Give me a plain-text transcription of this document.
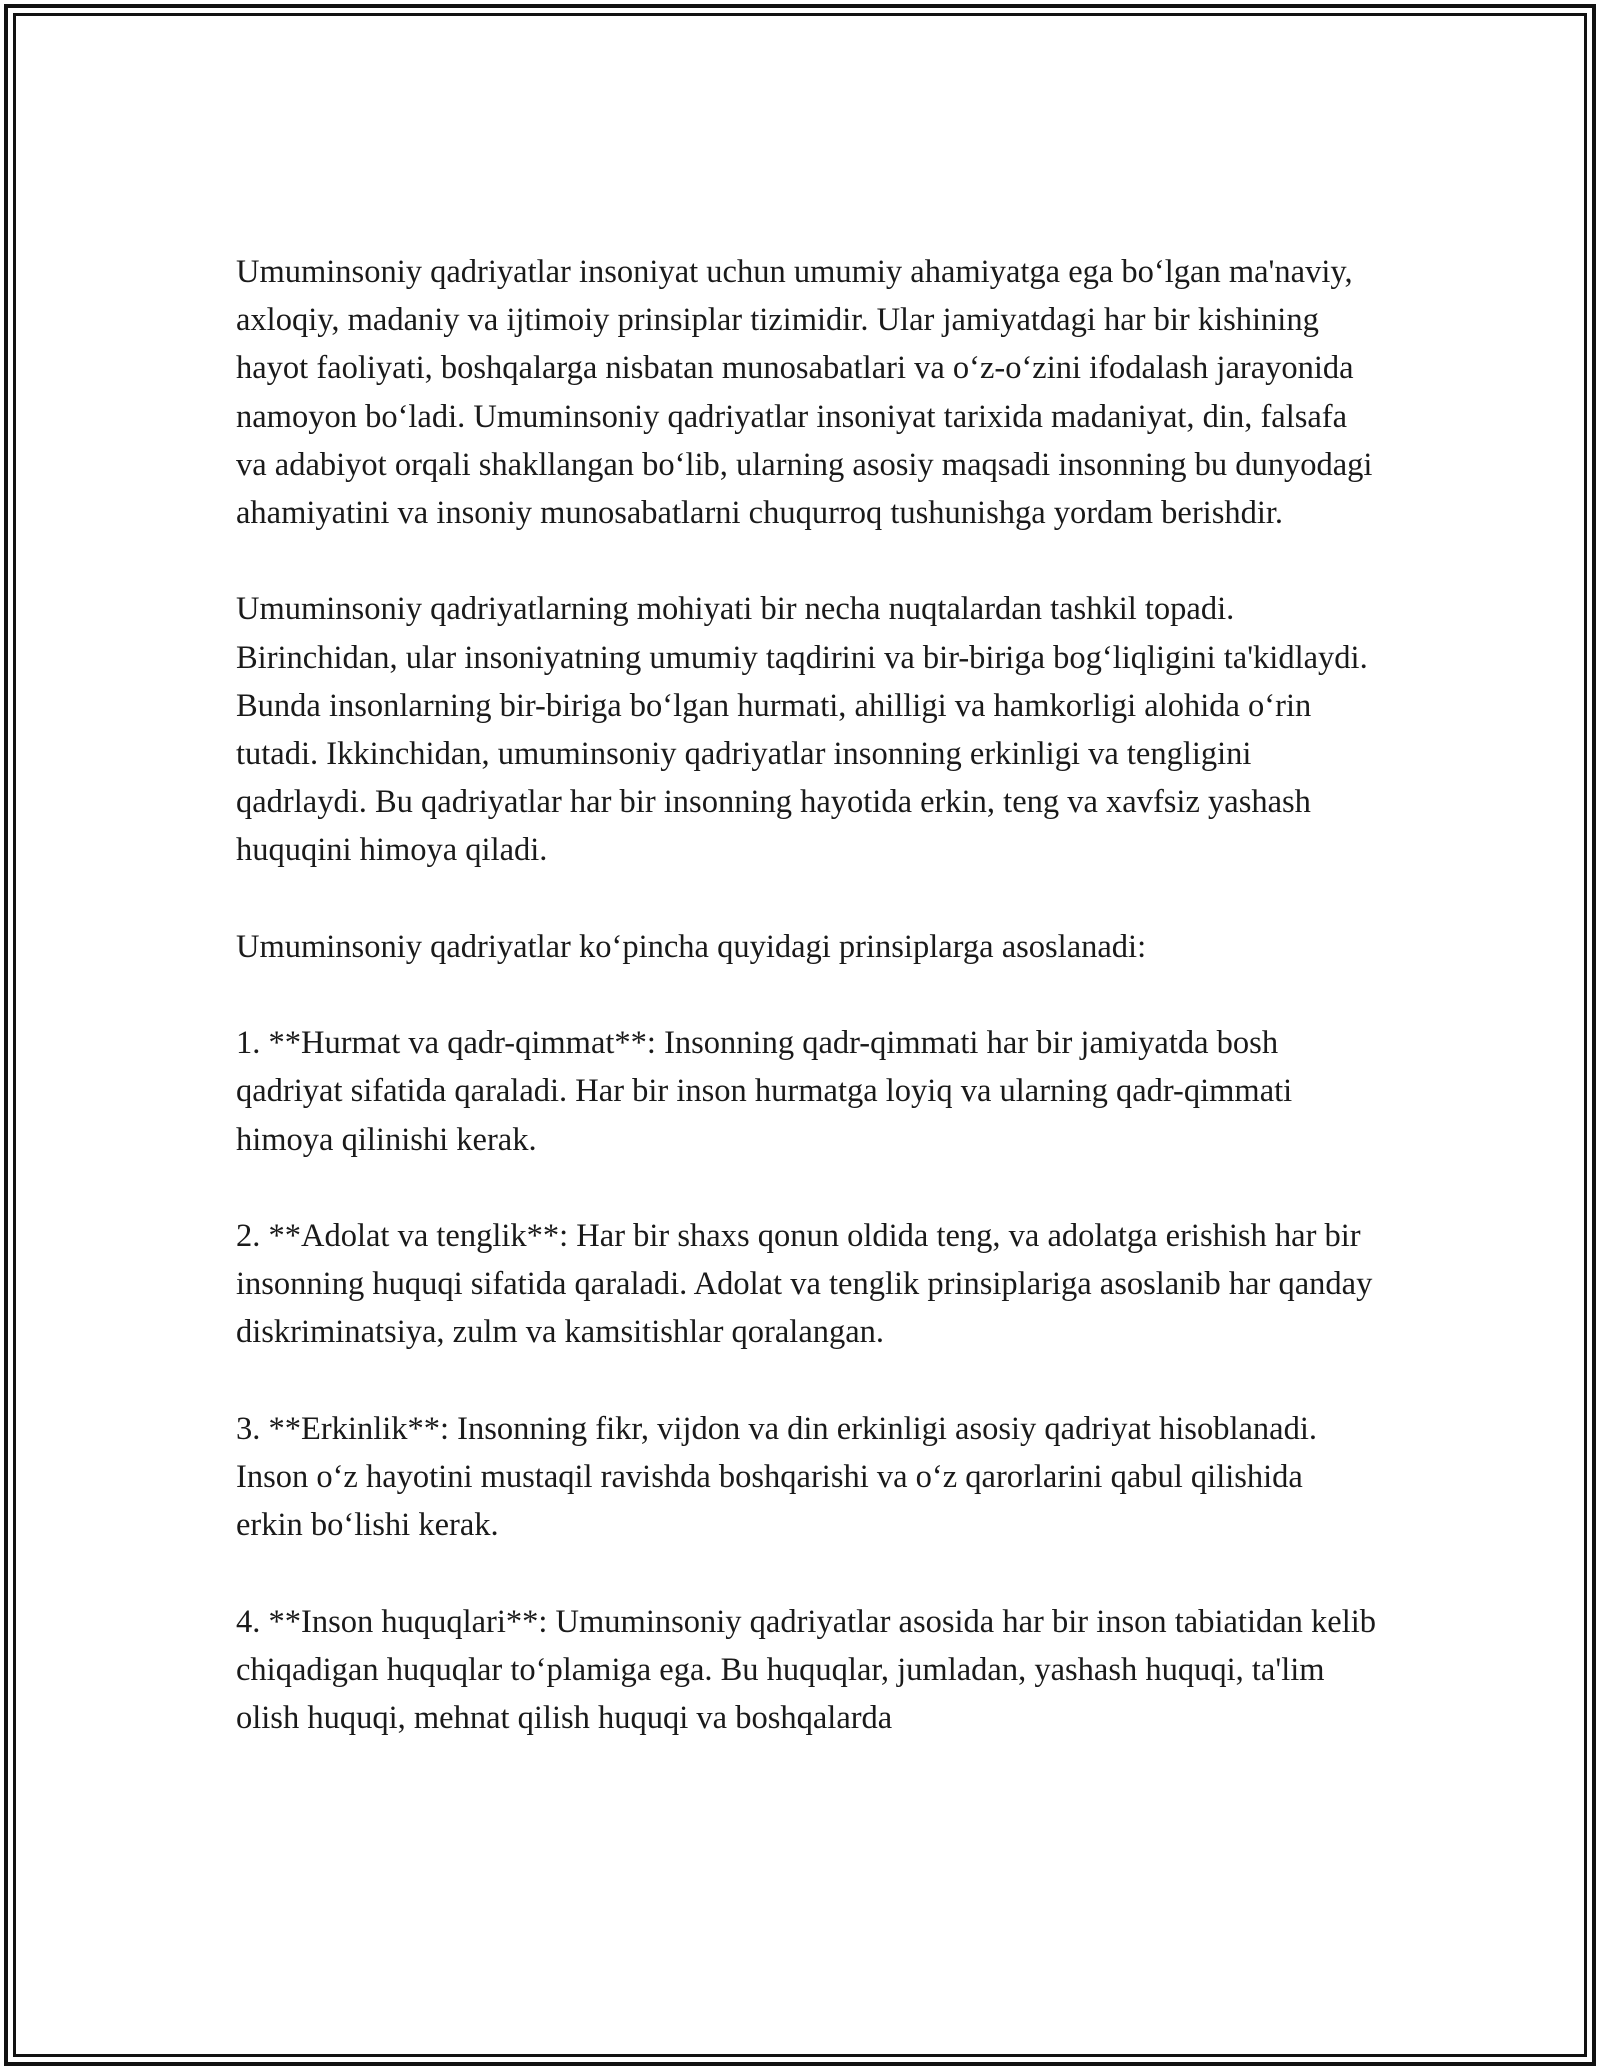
Umuminsoniy qadriyatlar insoniyat uchun umumiy ahamiyatga ega bo‘lgan ma'naviy, axloqiy, madaniy va ijtimoiy prinsiplar tizimidir. Ular jamiyatdagi har bir kishining hayot faoliyati, boshqalarga nisbatan munosabatlari va o‘z-o‘zini ifodalash jarayonida namoyon bo‘ladi. Umuminsoniy qadriyatlar insoniyat tarixida madaniyat, din, falsafa va adabiyot orqali shakllangan bo‘lib, ularning asosiy maqsadi insonning bu dunyodagi ahamiyatini va insoniy munosabatlarni chuqurroq tushunishga yordam berishdir.

Umuminsoniy qadriyatlarning mohiyati bir necha nuqtalardan tashkil topadi. Birinchidan, ular insoniyatning umumiy taqdirini va bir-biriga bog‘liqligini ta'kidlaydi. Bunda insonlarning bir-biriga bo‘lgan hurmati, ahilligi va hamkorligi alohida o‘rin tutadi. Ikkinchidan, umuminsoniy qadriyatlar insonning erkinligi va tengligini qadrlaydi. Bu qadriyatlar har bir insonning hayotida erkin, teng va xavfsiz yashash huquqini himoya qiladi.

Umuminsoniy qadriyatlar ko‘pincha quyidagi prinsiplarga asoslanadi:

1. **Hurmat va qadr-qimmat**: Insonning qadr-qimmati har bir jamiyatda bosh qadriyat sifatida qaraladi. Har bir inson hurmatga loyiq va ularning qadr-qimmati himoya qilinishi kerak.

2. **Adolat va tenglik**: Har bir shaxs qonun oldida teng, va adolatga erishish har bir insonning huquqi sifatida qaraladi. Adolat va tenglik prinsiplariga asoslanib har qanday diskriminatsiya, zulm va kamsitishlar qoralangan.

3. **Erkinlik**: Insonning fikr, vijdon va din erkinligi asosiy qadriyat hisoblanadi. Inson o‘z hayotini mustaqil ravishda boshqarishi va o‘z qarorlarini qabul qilishida erkin bo‘lishi kerak.

4. **Inson huquqlari**: Umuminsoniy qadriyatlar asosida har bir inson tabiatidan kelib chiqadigan huquqlar to‘plamiga ega. Bu huquqlar, jumladan, yashash huquqi, ta'lim olish huquqi, mehnat qilish huquqi va boshqalarda
